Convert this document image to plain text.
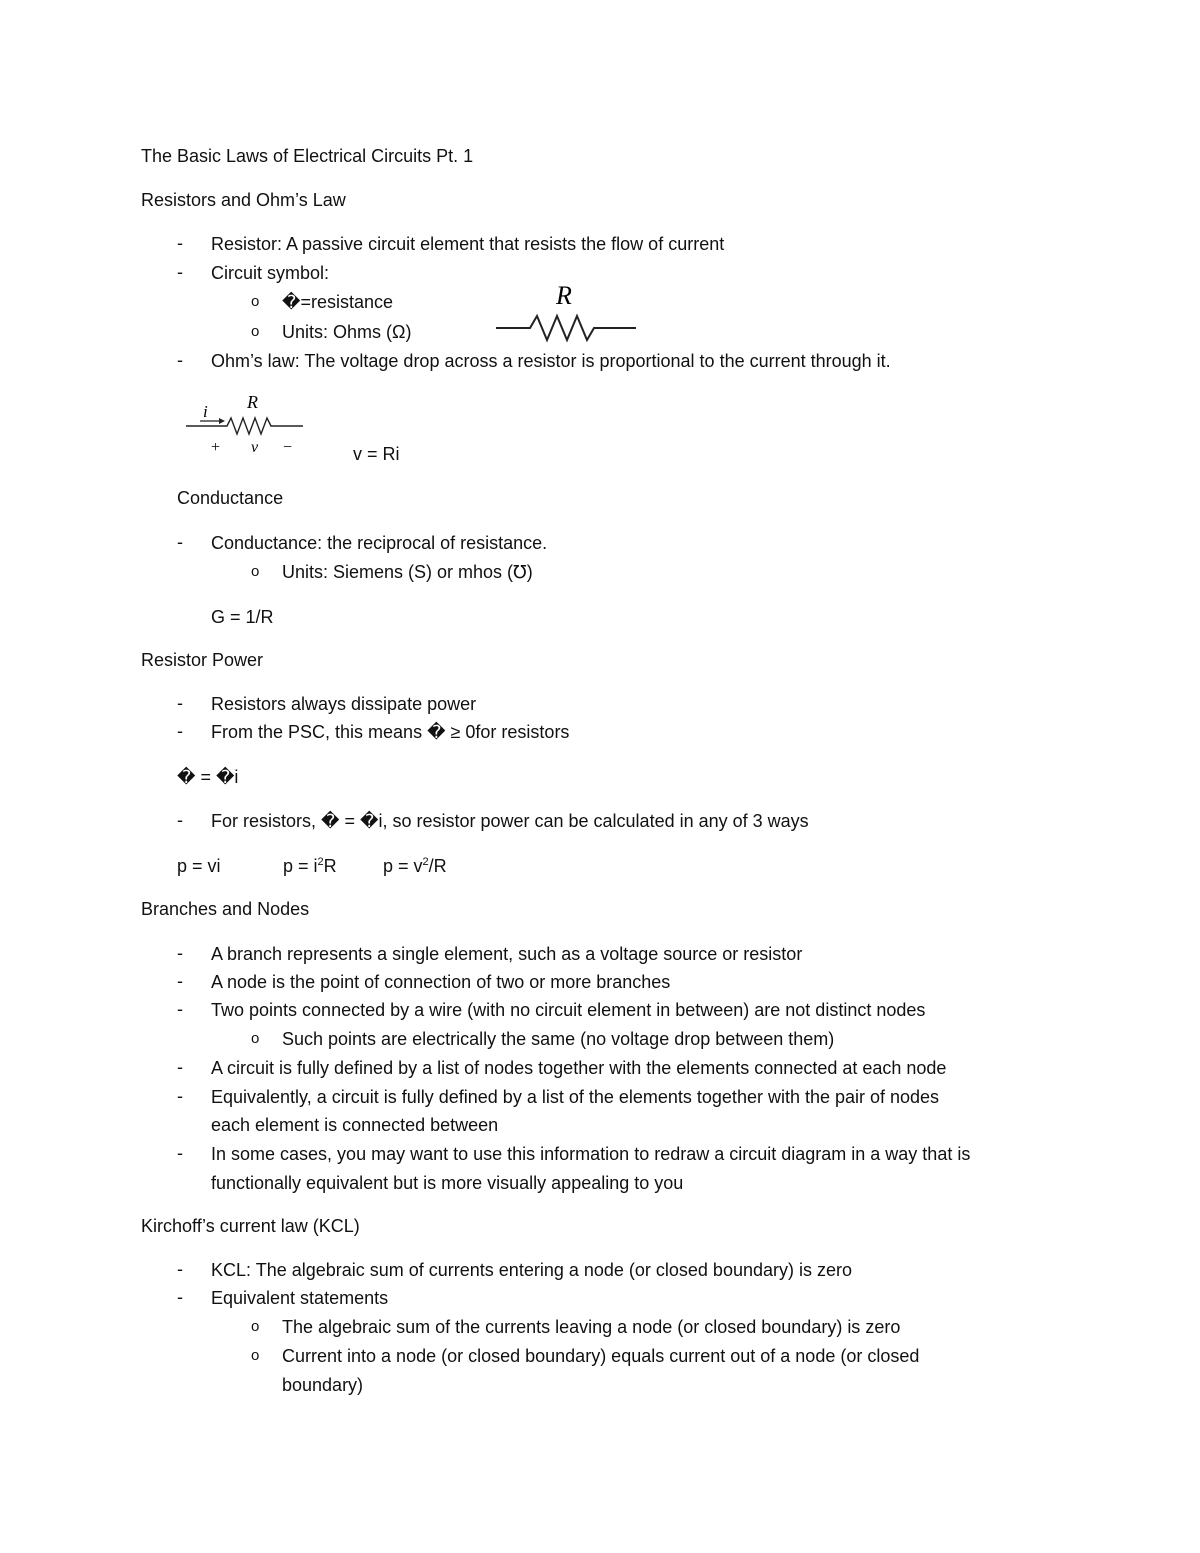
The Basic Laws of Electrical Circuits Pt. 1
Resistors and Ohm’s Law
- Resistor: A passive circuit element that resists the flow of current
- Circuit symbol:
o �=resistance
o Units: Ohms (Ω)
R
- Ohm’s law: The voltage drop across a resistor is proportional to the current through it.
R
i
+ v −	v = Ri
Conductance
- Conductance: the reciprocal of resistance.
o Units: Siemens (S) or mhos (℧)
G = 1/R
Resistor Power
- Resistors always dissipate power
- From the PSC, this means � ≥ 0for resistors
� = �i
- For resistors, � = �i, so resistor power can be calculated in any of 3 ways
p = vi	$p = i^2R$	$p = v^2/R$
Branches and Nodes
- A branch represents a single element, such as a voltage source or resistor
- A node is the point of connection of two or more branches
- Two points connected by a wire (with no circuit element in between) are not distinct nodes
o Such points are electrically the same (no voltage drop between them)
- A circuit is fully defined by a list of nodes together with the elements connected at each node
- Equivalently, a circuit is fully defined by a list of the elements together with the pair of nodes
each element is connected between
- In some cases, you may want to use this information to redraw a circuit diagram in a way that is
functionally equivalent but is more visually appealing to you
Kirchoff’s current law (KCL)
- KCL: The algebraic sum of currents entering a node (or closed boundary) is zero
- Equivalent statements
o The algebraic sum of the currents leaving a node (or closed boundary) is zero
o Current into a node (or closed boundary) equals current out of a node (or closed
boundary)
